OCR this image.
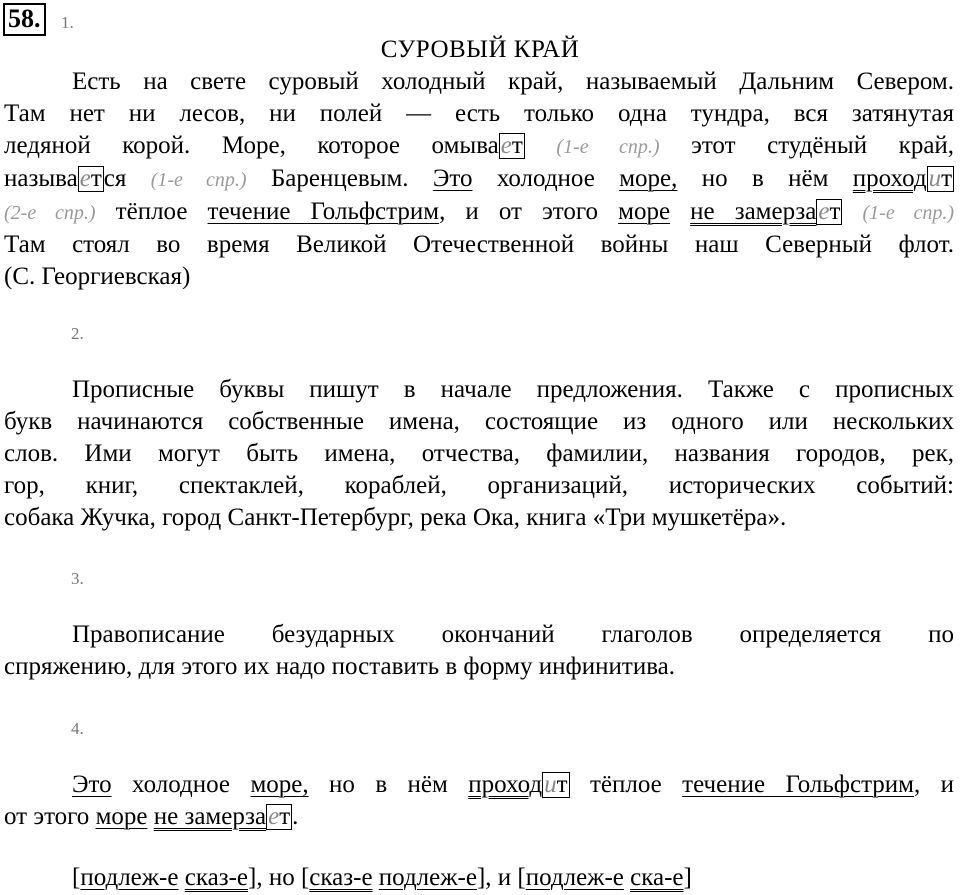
58. 1.
СУРОВЫЙ КРАЙ
Есть на свете суровый холодный край, называемый Дальним Севером.
Там нет ни лесов, ни полей — есть только одна тундра, вся затянутая
ледяной корой. Море, которое омывает (1-е спр.) этот студёный край,
называется (1-е спр.) Баренцевым. Это холодное море, но в нём проходит
(2-е спр.) тёплое течение Гольфстрим, и от этого море не замерзает (1-е спр.)
Там стоял во время Великой Отечественной войны наш Северный флот.
(С. Георгиевская)
2.
Прописные буквы пишут в начале предложения. Также с прописных
букв начинаются собственные имена, состоящие из одного или нескольких
слов. Ими могут быть имена, отчества, фамилии, названия городов, рек,
гор, книг, спектаклей, кораблей, организаций, исторических событий:
собака Жучка, город Санкт-Петербург, река Ока, книга «Три мушкетёра».
3.
Правописание безударных окончаний глаголов определяется по
спряжению, для этого их надо поставить в форму инфинитива.
4.
Это холодное море, но в нём проходит тёплое течение Гольфстрим, и
от этого море не замерзает.
[подлеж-е сказ-е], но [сказ-е подлеж-е], и [подлеж-е ска-е]
